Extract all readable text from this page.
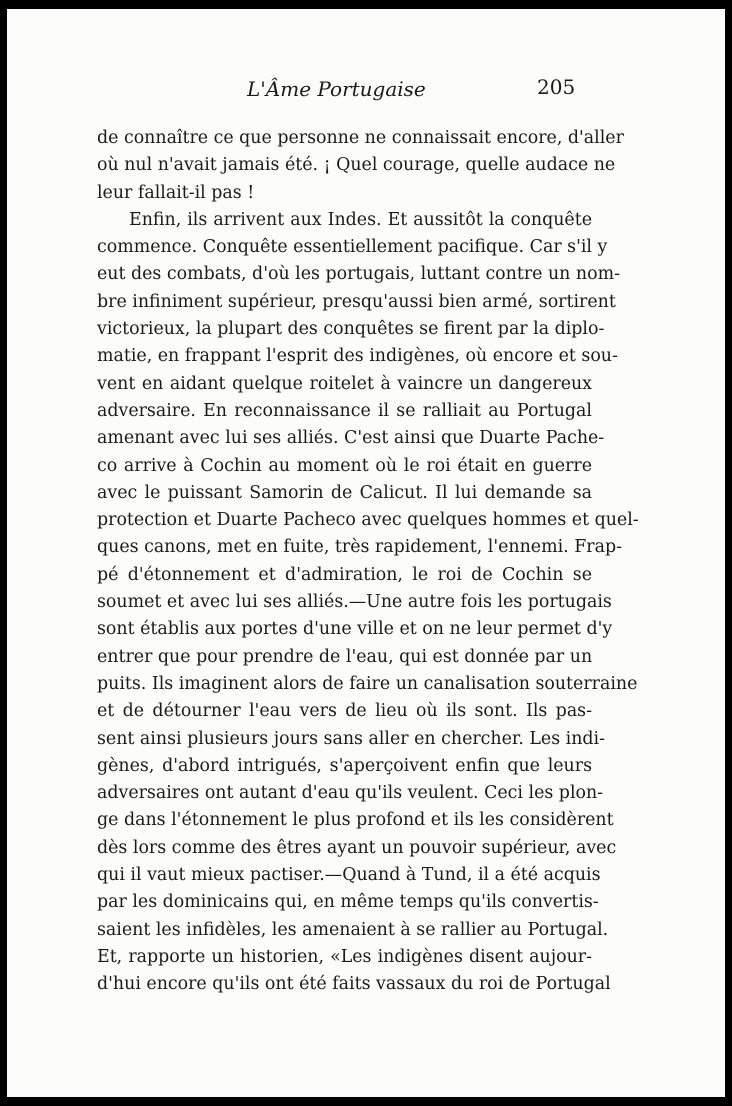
L'Âme Portugaise	205
de connaître ce que personne ne connaissait encore, d'aller
où nul n'avait jamais été. ¡ Quel courage, quelle audace ne
leur fallait-il pas !
Enfin, ils arrivent aux Indes. Et aussitôt la conquête
commence. Conquête essentiellement pacifique. Car s'il y
eut des combats, d'où les portugais, luttant contre un nom-
bre infiniment supérieur, presqu'aussi bien armé, sortirent
victorieux, la plupart des conquêtes se firent par la diplo-
matie, en frappant l'esprit des indigènes, où encore et sou-
vent en aidant quelque roitelet à vaincre un dangereux
adversaire. En reconnaissance il se ralliait au Portugal
amenant avec lui ses alliés. C'est ainsi que Duarte Pache-
co arrive à Cochin au moment où le roi était en guerre
avec le puissant Samorin de Calicut. Il lui demande sa
protection et Duarte Pacheco avec quelques hommes et quel-
ques canons, met en fuite, très rapidement, l'ennemi. Frap-
pé d'étonnement et d'admiration, le roi de Cochin se
soumet et avec lui ses alliés.—Une autre fois les portugais
sont établis aux portes d'une ville et on ne leur permet d'y
entrer que pour prendre de l'eau, qui est donnée par un
puits. Ils imaginent alors de faire un canalisation souterraine
et de détourner l'eau vers de lieu où ils sont. Ils pas-
sent ainsi plusieurs jours sans aller en chercher. Les indi-
gènes, d'abord intrigués, s'aperçoivent enfin que leurs
adversaires ont autant d'eau qu'ils veulent. Ceci les plon-
ge dans l'étonnement le plus profond et ils les considèrent
dès lors comme des êtres ayant un pouvoir supérieur, avec
qui il vaut mieux pactiser.—Quand à Tund, il a été acquis
par les dominicains qui, en même temps qu'ils convertis-
saient les infidèles, les amenaient à se rallier au Portugal.
Et, rapporte un historien, «Les indigènes disent aujour-
d'hui encore qu'ils ont été faits vassaux du roi de Portugal
